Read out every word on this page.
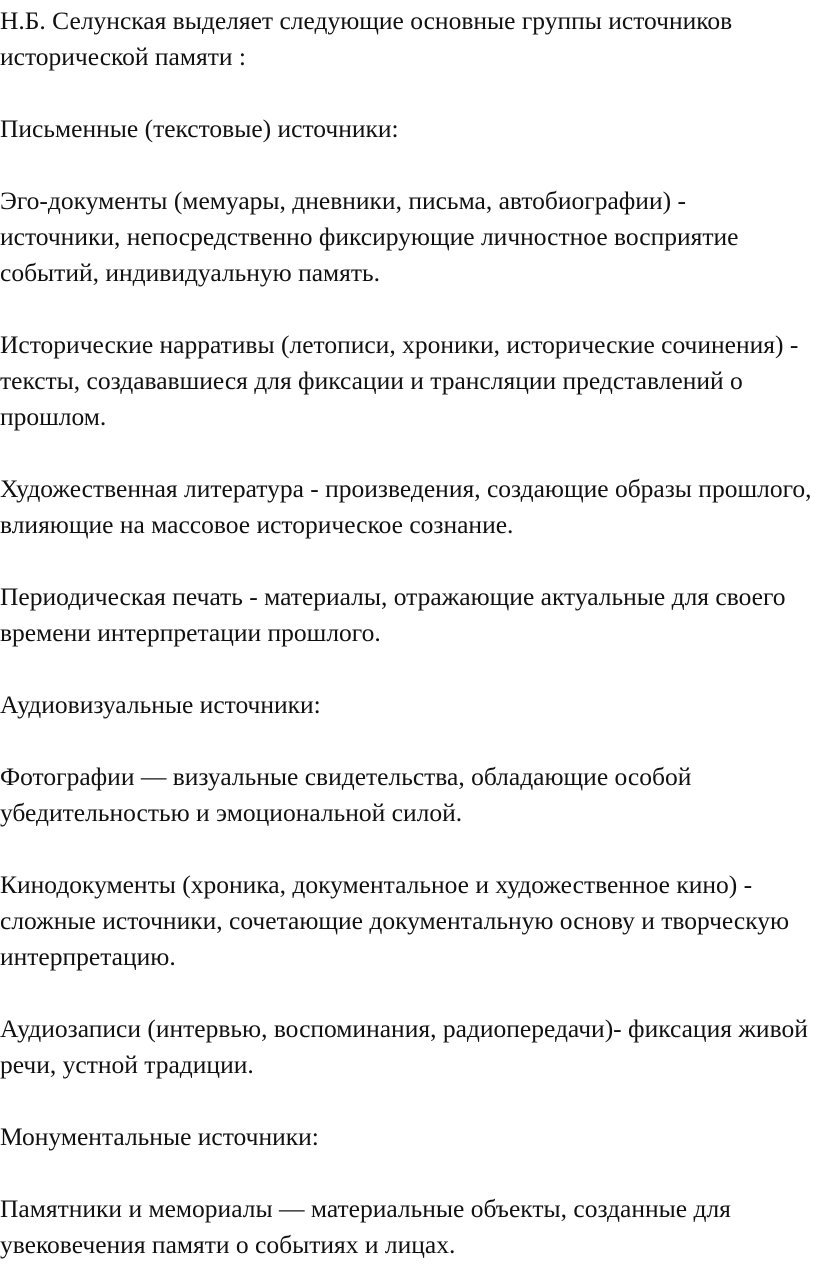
Н.Б. Селунская выделяет следующие основные группы источников исторической памяти :

Письменные (текстовые) источники:

Эго-документы (мемуары, дневники, письма, автобиографии) - источники, непосредственно фиксирующие личностное восприятие событий, индивидуальную память.

Исторические нарративы (летописи, хроники, исторические сочинения) - тексты, создававшиеся для фиксации и трансляции представлений о прошлом.

Художественная литература - произведения, создающие образы прошлого, влияющие на массовое историческое сознание.

Периодическая печать - материалы, отражающие актуальные для своего времени интерпретации прошлого.

Аудиовизуальные источники:

Фотографии — визуальные свидетельства, обладающие особой убедительностью и эмоциональной силой.

Кинодокументы (хроника, документальное и художественное кино) - сложные источники, сочетающие документальную основу и творческую интерпретацию.

Аудиозаписи (интервью, воспоминания, радиопередачи)- фиксация живой речи, устной традиции.

Монументальные источники:

Памятники и мемориалы — материальные объекты, созданные для увековечения памяти о событиях и лицах.
